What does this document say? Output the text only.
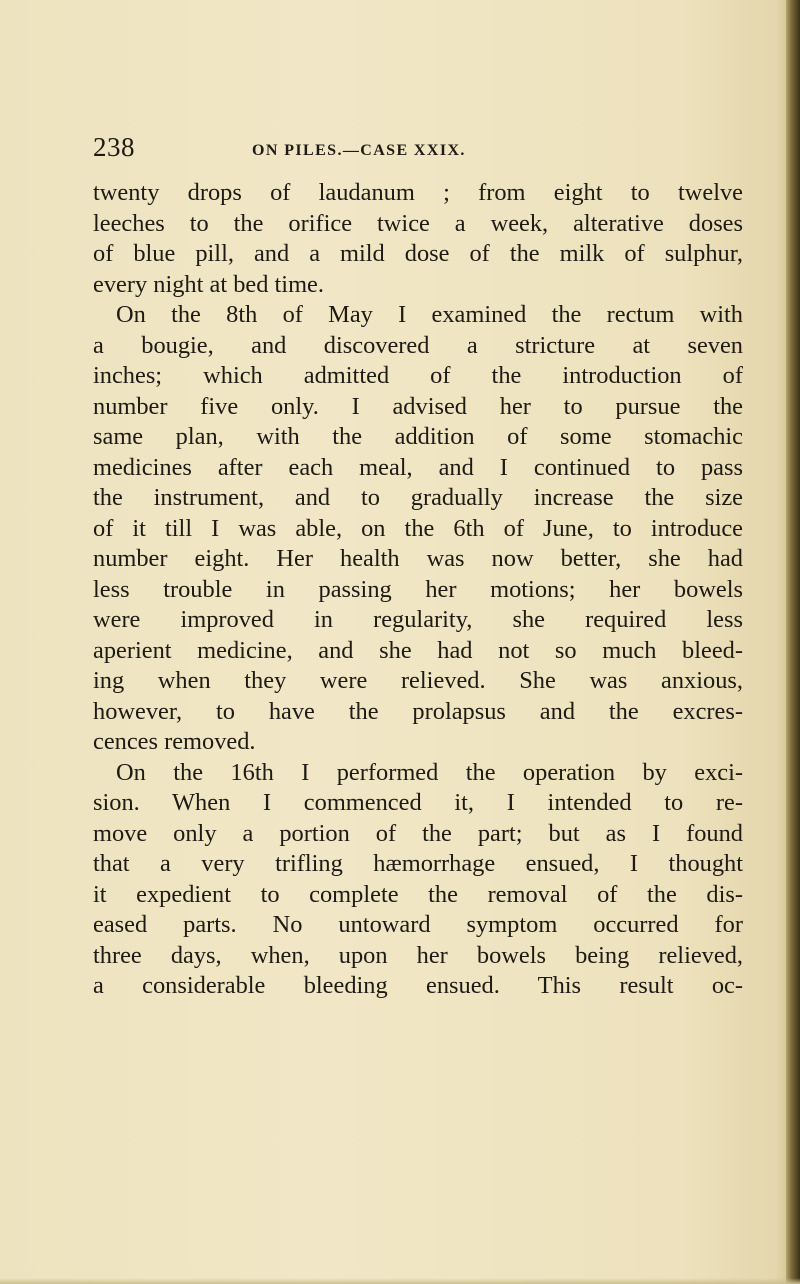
238	ON PILES.—CASE XXIX.
twenty drops of laudanum ; from eight to twelve
leeches to the orifice twice a week, alterative doses
of blue pill, and a mild dose of the milk of sulphur,
every night at bed time.
On the 8th of May I examined the rectum with
a bougie, and discovered a stricture at seven
inches; which admitted of the introduction of
number five only. I advised her to pursue the
same plan, with the addition of some stomachic
medicines after each meal, and I continued to pass
the instrument, and to gradually increase the size
of it till I was able, on the 6th of June, to introduce
number eight. Her health was now better, she had
less trouble in passing her motions; her bowels
were improved in regularity, she required less
aperient medicine, and she had not so much bleed-
ing when they were relieved. She was anxious,
however, to have the prolapsus and the excres-
cences removed.
On the 16th I performed the operation by exci-
sion. When I commenced it, I intended to re-
move only a portion of the part; but as I found
that a very trifling hæmorrhage ensued, I thought
it expedient to complete the removal of the dis-
eased parts. No untoward symptom occurred for
three days, when, upon her bowels being relieved,
a considerable bleeding ensued. This result oc-
